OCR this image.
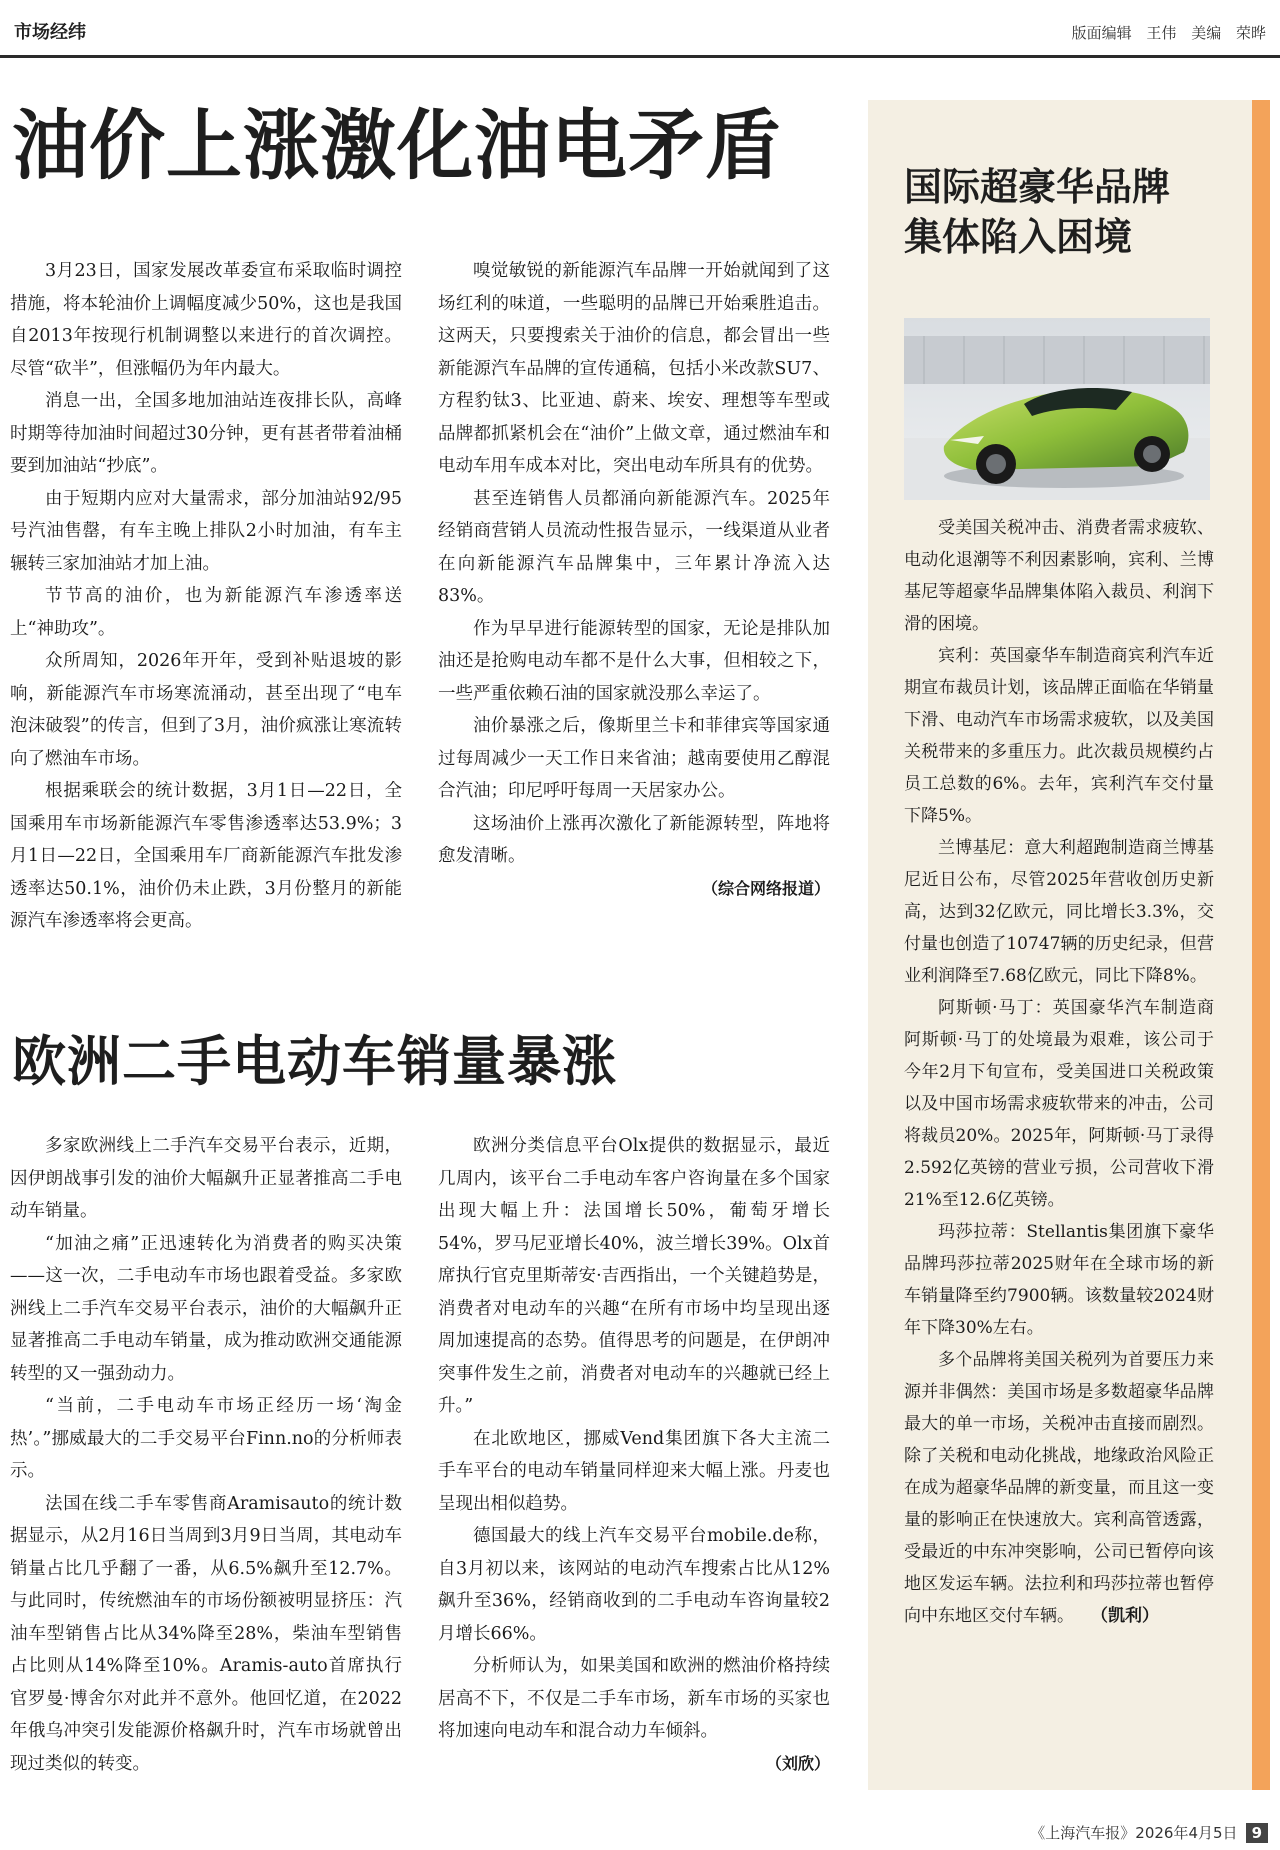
市场经纬	版面编辑 王伟 美编 荣晔
油价上涨激化油电矛盾

3月23日，国家发展改革委宣布采取临时调控措施，将本轮油价上调幅度减少50%，这也是我国自2013年按现行机制调整以来进行的首次调控。尽管“砍半”，但涨幅仍为年内最大。

消息一出，全国多地加油站连夜排长队，高峰时期等待加油时间超过30分钟，更有甚者带着油桶要到加油站“抄底”。

由于短期内应对大量需求，部分加油站92/95号汽油售罄，有车主晚上排队2小时加油，有车主辗转三家加油站才加上油。

节节高的油价，也为新能源汽车渗透率送上“神助攻”。

众所周知，2026年开年，受到补贴退坡的影响，新能源汽车市场寒流涌动，甚至出现了“电车泡沫破裂”的传言，但到了3月，油价疯涨让寒流转向了燃油车市场。

根据乘联会的统计数据，3月1日—22日，全国乘用车市场新能源汽车零售渗透率达53.9%；3月1日—22日，全国乘用车厂商新能源汽车批发渗透率达50.1%，油价仍未止跌，3月份整月的新能源汽车渗透率将会更高。

嗅觉敏锐的新能源汽车品牌一开始就闻到了这场红利的味道，一些聪明的品牌已开始乘胜追击。这两天，只要搜索关于油价的信息，都会冒出一些新能源汽车品牌的宣传通稿，包括小米改款SU7、方程豹钛3、比亚迪、蔚来、埃安、理想等车型或品牌都抓紧机会在“油价”上做文章，通过燃油车和电动车用车成本对比，突出电动车所具有的优势。

甚至连销售人员都涌向新能源汽车。2025年经销商营销人员流动性报告显示，一线渠道从业者在向新能源汽车品牌集中，三年累计净流入达83%。

作为早早进行能源转型的国家，无论是排队加油还是抢购电动车都不是什么大事，但相较之下，一些严重依赖石油的国家就没那么幸运了。

油价暴涨之后，像斯里兰卡和菲律宾等国家通过每周减少一天工作日来省油；越南要使用乙醇混合汽油；印尼呼吁每周一天居家办公。

这场油价上涨再次激化了新能源转型，阵地将愈发清晰。

（综合网络报道）

欧洲二手电动车销量暴涨

多家欧洲线上二手汽车交易平台表示，近期，因伊朗战事引发的油价大幅飙升正显著推高二手电动车销量。

“加油之痛”正迅速转化为消费者的购买决策——这一次，二手电动车市场也跟着受益。多家欧洲线上二手汽车交易平台表示，油价的大幅飙升正显著推高二手电动车销量，成为推动欧洲交通能源转型的又一强劲动力。

“当前，二手电动车市场正经历一场‘淘金热’。”挪威最大的二手交易平台Finn.no的分析师表示。

法国在线二手车零售商Aramisauto的统计数据显示，从2月16日当周到3月9日当周，其电动车销量占比几乎翻了一番，从6.5%飙升至12.7%。与此同时，传统燃油车的市场份额被明显挤压：汽油车型销售占比从34%降至28%，柴油车型销售占比则从14%降至10%。Aramis-auto首席执行官罗曼·博舍尔对此并不意外。他回忆道，在2022年俄乌冲突引发能源价格飙升时，汽车市场就曾出现过类似的转变。

欧洲分类信息平台Olx提供的数据显示，最近几周内，该平台二手电动车客户咨询量在多个国家出现大幅上升：法国增长50%，葡萄牙增长54%，罗马尼亚增长40%，波兰增长39%。Olx首席执行官克里斯蒂安·吉西指出，一个关键趋势是，消费者对电动车的兴趣“在所有市场中均呈现出逐周加速提高的态势。值得思考的问题是，在伊朗冲突事件发生之前，消费者对电动车的兴趣就已经上升。”

在北欧地区，挪威Vend集团旗下各大主流二手车平台的电动车销量同样迎来大幅上涨。丹麦也呈现出相似趋势。

德国最大的线上汽车交易平台mobile.de称，自3月初以来，该网站的电动汽车搜索占比从12%飙升至36%，经销商收到的二手电动车咨询量较2月增长66%。

分析师认为，如果美国和欧洲的燃油价格持续居高不下，不仅是二手车市场，新车市场的买家也将加速向电动车和混合动力车倾斜。

（刘欣）

国际超豪华品牌
集体陷入困境

受美国关税冲击、消费者需求疲软、电动化退潮等不利因素影响，宾利、兰博基尼等超豪华品牌集体陷入裁员、利润下滑的困境。

宾利：英国豪华车制造商宾利汽车近期宣布裁员计划，该品牌正面临在华销量下滑、电动汽车市场需求疲软，以及美国关税带来的多重压力。此次裁员规模约占员工总数的6%。去年，宾利汽车交付量下降5%。

兰博基尼：意大利超跑制造商兰博基尼近日公布，尽管2025年营收创历史新高，达到32亿欧元，同比增长3.3%，交付量也创造了10747辆的历史纪录，但营业利润降至7.68亿欧元，同比下降8%。

阿斯顿·马丁：英国豪华汽车制造商阿斯顿·马丁的处境最为艰难，该公司于今年2月下旬宣布，受美国进口关税政策以及中国市场需求疲软带来的冲击，公司将裁员20%。2025年，阿斯顿·马丁录得2.592亿英镑的营业亏损，公司营收下滑21%至12.6亿英镑。

玛莎拉蒂：Stellantis集团旗下豪华品牌玛莎拉蒂2025财年在全球市场的新车销量降至约7900辆。该数量较2024财年下降30%左右。

多个品牌将美国关税列为首要压力来源并非偶然：美国市场是多数超豪华品牌最大的单一市场，关税冲击直接而剧烈。除了关税和电动化挑战，地缘政治风险正在成为超豪华品牌的新变量，而且这一变量的影响正在快速放大。宾利高管透露，受最近的中东冲突影响，公司已暂停向该地区发运车辆。法拉利和玛莎拉蒂也暂停向中东地区交付车辆。　　 （凯利）

《上海汽车报》2026年4月5日 9
